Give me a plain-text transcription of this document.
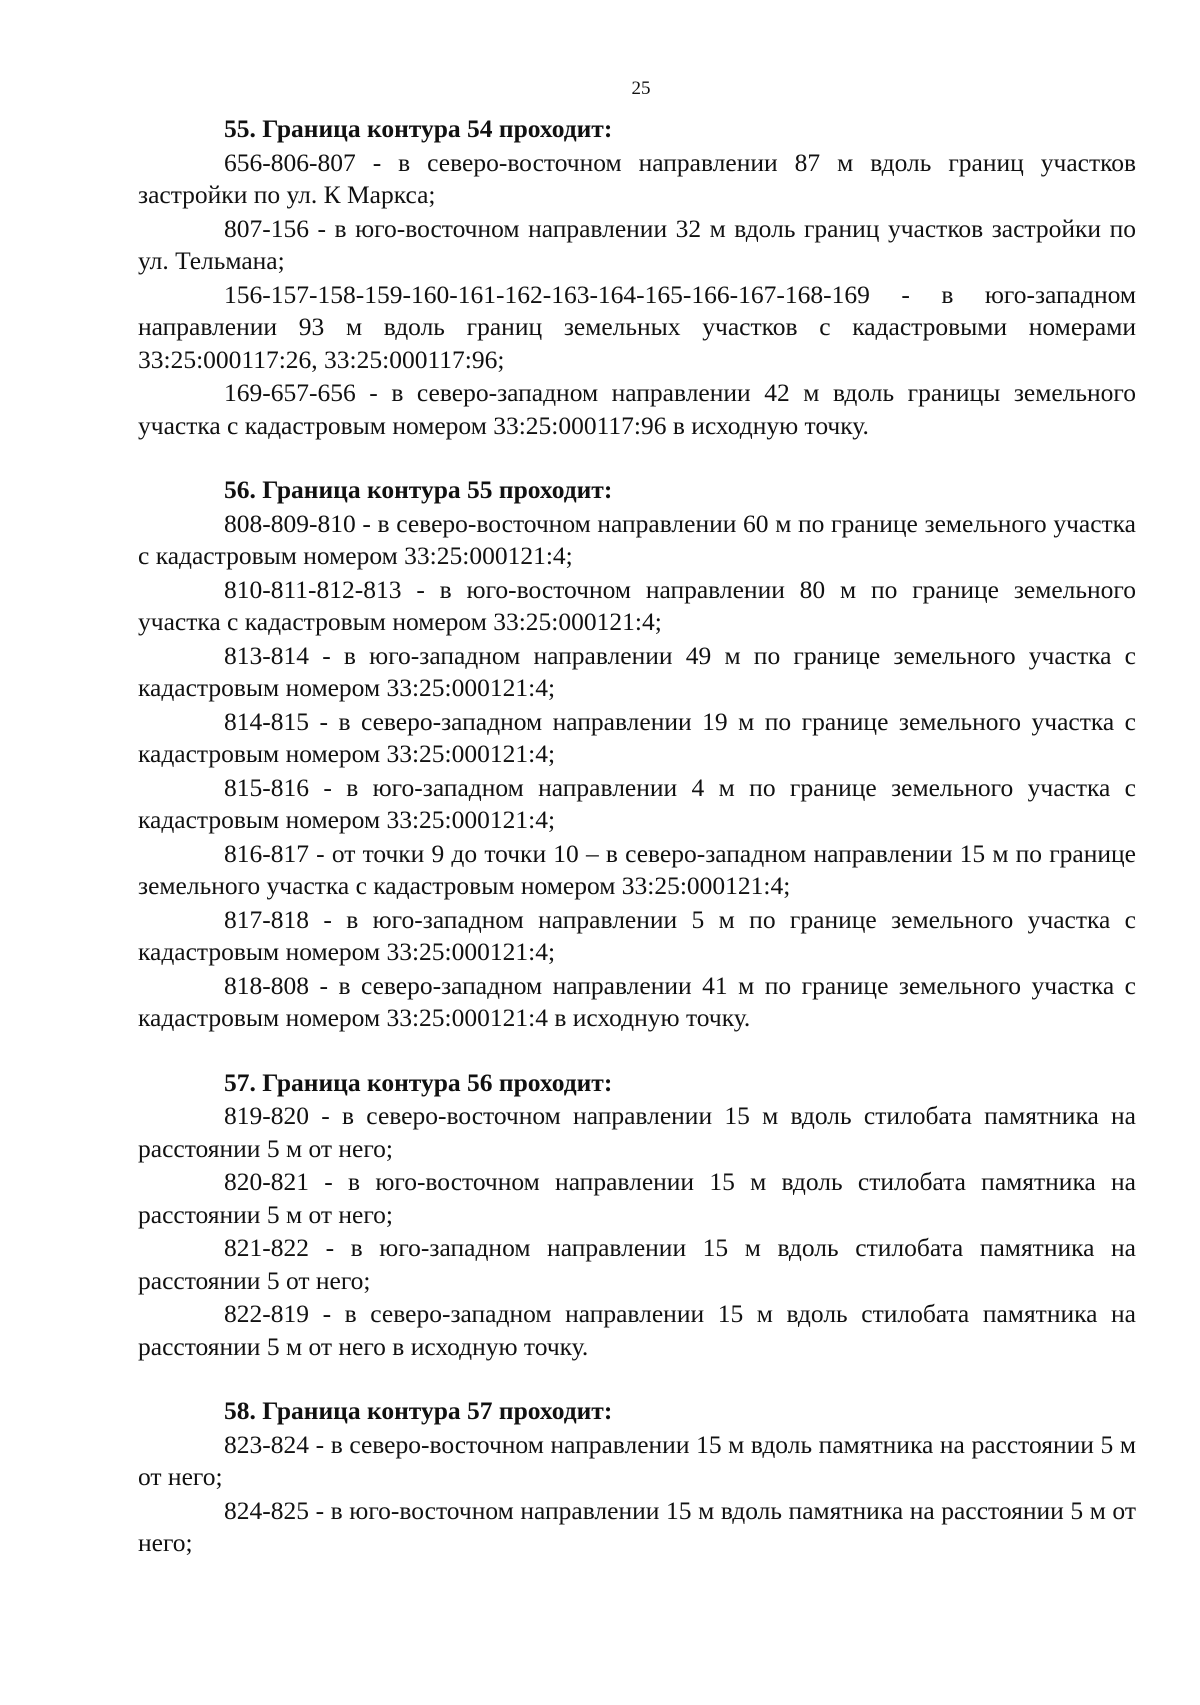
25
55. Граница контура 54 проходит:
656-806-807 - в северо-восточном направлении 87 м вдоль границ участков застройки по ул. К Маркса;
807-156 - в юго-восточном направлении 32 м вдоль границ участков застройки по ул. Тельмана;
156-157-158-159-160-161-162-163-164-165-166-167-168-169 - в юго-западном направлении 93 м вдоль границ земельных участков с кадастровыми номерами 33:25:000117:26, 33:25:000117:96;
169-657-656 - в северо-западном направлении 42 м вдоль границы земельного участка с кадастровым номером 33:25:000117:96 в исходную точку.
56. Граница контура 55 проходит:
808-809-810 - в северо-восточном направлении 60 м по границе земельного участка с кадастровым номером 33:25:000121:4;
810-811-812-813 - в юго-восточном направлении 80 м по границе земельного участка с кадастровым номером 33:25:000121:4;
813-814 - в юго-западном направлении 49 м по границе земельного участка с кадастровым номером 33:25:000121:4;
814-815 - в северо-западном направлении 19 м по границе земельного участка с кадастровым номером 33:25:000121:4;
815-816 - в юго-западном направлении 4 м по границе земельного участка с кадастровым номером 33:25:000121:4;
816-817 - от точки 9 до точки 10 – в северо-западном направлении 15 м по границе земельного участка с кадастровым номером 33:25:000121:4;
817-818 - в юго-западном направлении 5 м по границе земельного участка с кадастровым номером 33:25:000121:4;
818-808 - в северо-западном направлении 41 м по границе земельного участка с кадастровым номером 33:25:000121:4 в исходную точку.
57. Граница контура 56 проходит:
819-820 - в северо-восточном направлении 15 м вдоль стилобата памятника на расстоянии 5 м от него;
820-821 - в юго-восточном направлении 15 м вдоль стилобата памятника на расстоянии 5 м от него;
821-822 - в юго-западном направлении 15 м вдоль стилобата памятника на расстоянии 5 от него;
822-819 - в северо-западном направлении 15 м вдоль стилобата памятника на расстоянии 5 м от него в исходную точку.
58. Граница контура 57 проходит:
823-824 - в северо-восточном направлении 15 м вдоль памятника на расстоянии 5 м от него;
824-825 - в юго-восточном направлении 15 м вдоль памятника на расстоянии 5 м от него;
